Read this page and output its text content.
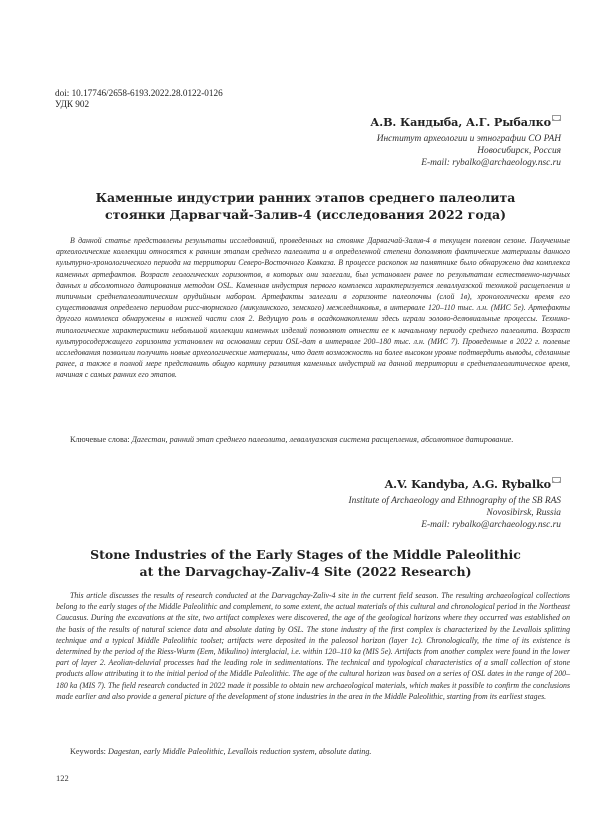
doi: 10.17746/2658-6193.2022.28.0122-0126
УДК 902
А.В. Кандыба, А.Г. Рыбалко
Институт археологии и этнографии СО РАН
Новосибирск, Россия
E-mail: rybalko@archaeology.nsc.ru
Каменные индустрии ранних этапов среднего палеолита
стоянки Дарвагчай-Залив-4 (исследования 2022 года)
В данной статье представлены результаты исследований, проведенных на стоянке Дарвагчай-Залив-4 в текущем полевом сезоне. Полученные археологические коллекции относятся к ранним этапам среднего палеолита и в определенной степени дополняют фактические материалы данного культурно-хронологического периода на территории Северо-Восточного Кавказа. В процессе раскопок на памятнике было обнаружено два комплекса каменных артефактов. Возраст геологических горизонтов, в которых они залегали, был установлен ранее по результатам естественно-научных данных и абсолютного датирования методом OSL. Каменная индустрия первого комплекса характеризуется леваллуазской техникой расщепления и типичным среднепалеолитическим орудийным набором. Артефакты залегали в горизонте палеопочвы (слой 1в), хронологически время его существования определено периодом рисс-вюрмского (микулинского, земского) межледниковья, в интервале 120–110 тыс. л.н. (МИС 5е). Артефакты другого комплекса обнаружены в нижней части слоя 2. Ведущую роль в осадконакоплении здесь играли эолово-делювиальные процессы. Технико-типологические характеристики небольшой коллекции каменных изделий позволяют отнести ее к начальному периоду среднего палеолита. Возраст культуросодержащего горизонта установлен на основании серии OSL-дат в интервале 200–180 тыс. л.н. (МИС 7). Проведенные в 2022 г. полевые исследования позволили получить новые археологические материалы, что дает возможность на более высоком уровне подтвердить выводы, сделанные ранее, а также в полной мере представить общую картину развития каменных индустрий на данной территории в среднепалеолитическое время, начиная с самых ранних его этапов.
Ключевые слова: Дагестан, ранний этап среднего палеолита, леваллуазская система расщепления, абсолютное датирование.
A.V. Kandyba, A.G. Rybalko
Institute of Archaeology and Ethnography of the SB RAS
Novosibirsk, Russia
E-mail: rybalko@archaeology.nsc.ru
Stone Industries of the Early Stages of the Middle Paleolithic
at the Darvagchay-Zaliv-4 Site (2022 Research)
This article discusses the results of research conducted at the Darvagchay-Zaliv-4 site in the current field season. The resulting archaeological collections belong to the early stages of the Middle Paleolithic and complement, to some extent, the actual materials of this cultural and chronological period in the Northeast Caucasus. During the excavations at the site, two artifact complexes were discovered, the age of the geological horizons where they occurred was established on the basis of the results of natural science data and absolute dating by OSL. The stone industry of the first complex is characterized by the Levallois splitting technique and a typical Middle Paleolithic toolset; artifacts were deposited in the paleosol horizon (layer 1c). Chronologically, the time of its existence is determined by the period of the Riess-Wurm (Eem, Mikulino) interglacial, i.e. within 120–110 ka (MIS 5e). Artifacts from another complex were found in the lower part of layer 2. Aeolian-deluvial processes had the leading role in sedimentations. The technical and typological characteristics of a small collection of stone products allow attributing it to the initial period of the Middle Paleolithic. The age of the cultural horizon was based on a series of OSL dates in the range of 200–180 ka (MIS 7). The field research conducted in 2022 made it possible to obtain new archaeological materials, which makes it possible to confirm the conclusions made earlier and also provide a general picture of the development of stone industries in the area in the Middle Paleolithic, starting from its earliest stages.
Keywords: Dagestan, early Middle Paleolithic, Levallois reduction system, absolute dating.
122
